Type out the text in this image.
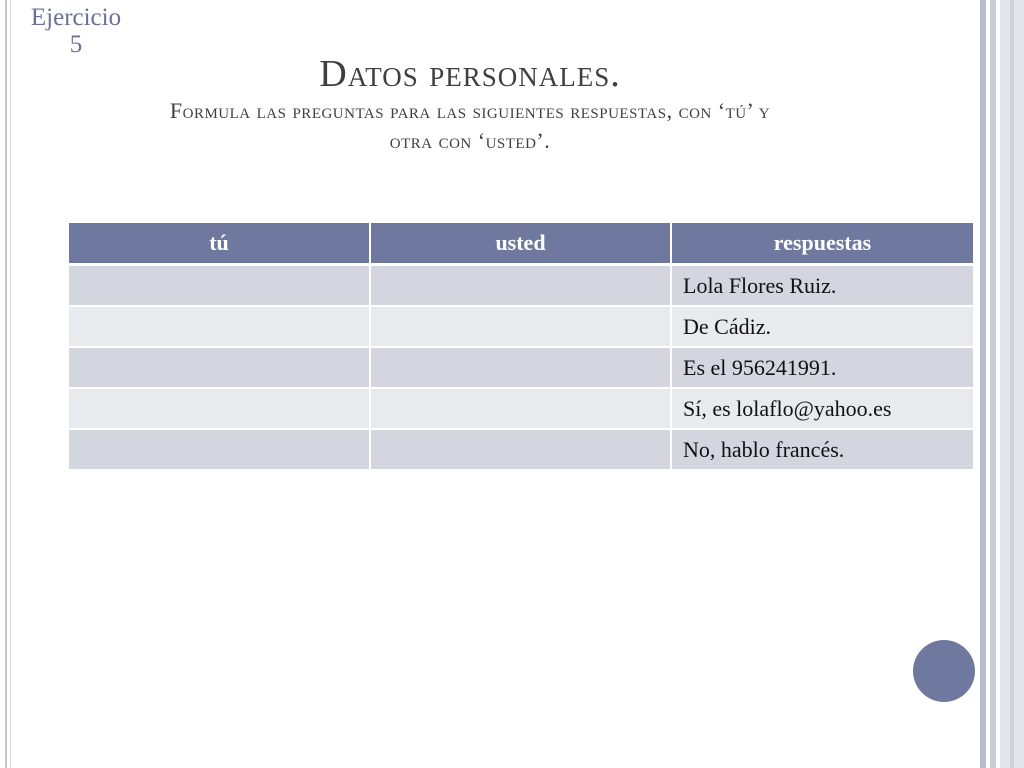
Ejercicio
5
Datos personales.
Formula las preguntas para las siguientes respuestas, con ‘tú’ y
otra con ‘usted’.
tú	usted	respuestas
		Lola Flores Ruiz.
		De Cádiz.
		Es el 956241991.
		Sí, es lolaflo@yahoo.es
		No, hablo francés.
